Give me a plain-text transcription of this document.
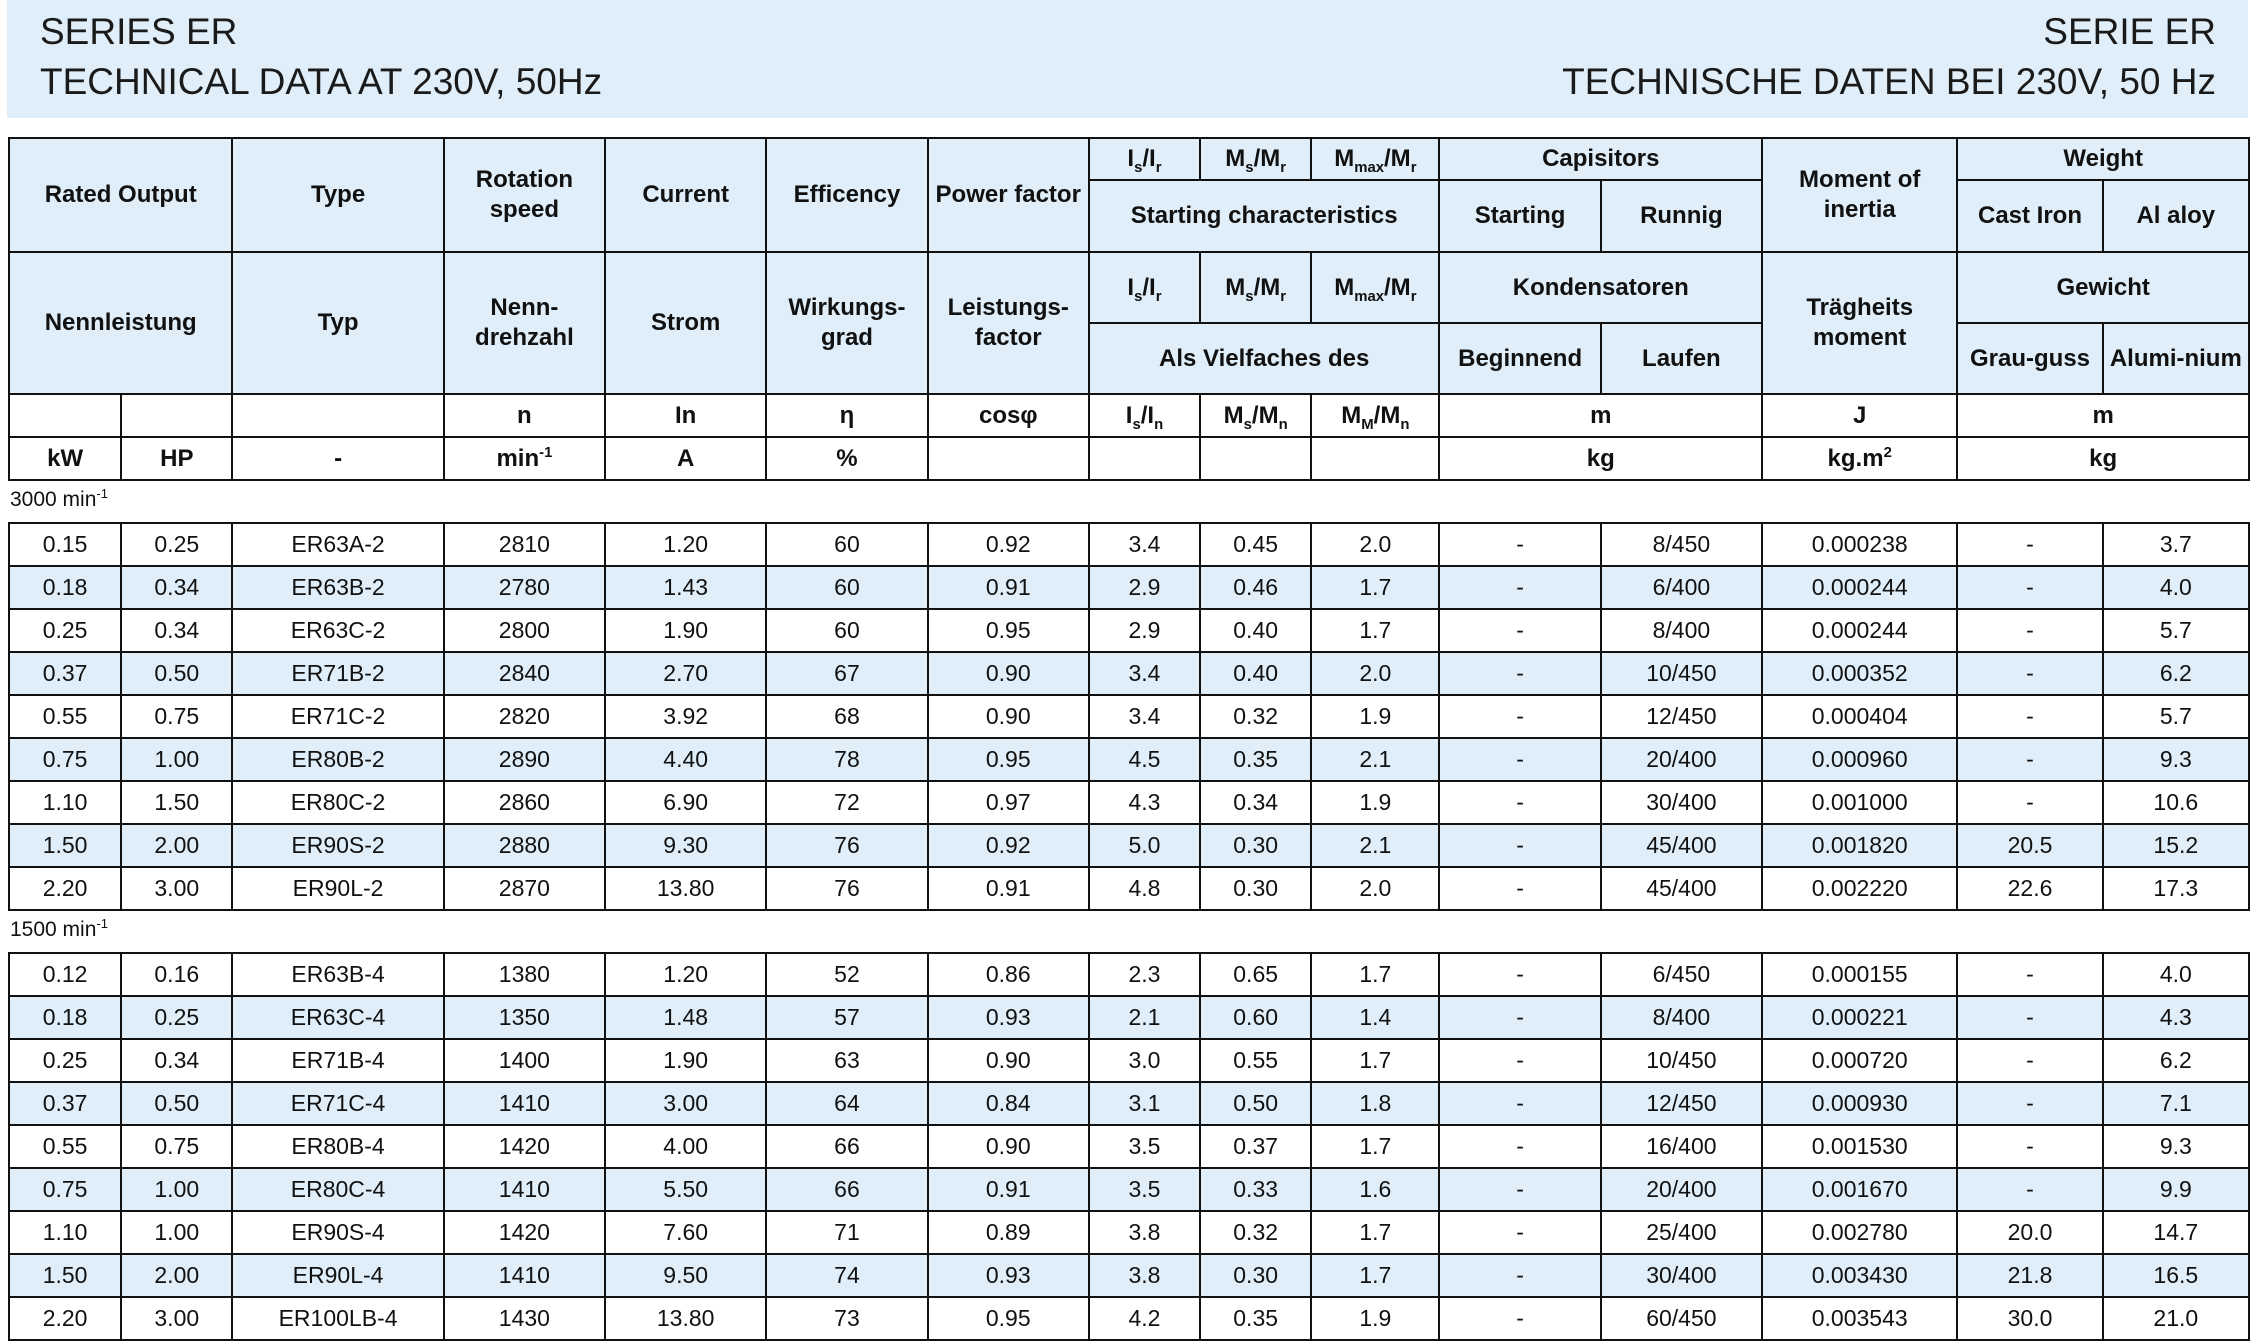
SERIES ER
TECHNICAL DATA AT 230V, 50Hz
SERIE ER
TECHNISCHE DATEN BEI 230V, 50 Hz
Rated Output		Type	Rotation speed	Current	Efficency	Power factor	$I_s/I_r$	$M_s/M_r$	$M_{max}/M_r$	Capisitors		Moment of inertia	Weight	
							Starting characteristics			Starting	Runnig		Cast Iron	Al aloy
Nennleistung		Typ	Nenn-drehzahl	Strom	Wirkungs-grad	Leistungs-factor	$I_s/I_r$	$M_s/M_r$	$M_{max}/M_r$	Kondensatoren		Trägheits moment	Gewicht	
							Als Vielfaches des			Beginnend	Laufen		Grau-guss	Alumi-nium
			n	In	η	cosφ	$I_s/I_n$	$M_s/M_n$	$M_M/M_n$	m		J	m	
kW	HP	-	$\min^{-1}$	A	%					kg		$kg.m^2$	kg	
3000 $\min^{-1}$
0.15	0.25	ER63A-2	2810	1.20	60	0.92	3.4	0.45	2.0	-	8/450	0.000238	-	3.7
0.18	0.34	ER63B-2	2780	1.43	60	0.91	2.9	0.46	1.7	-	6/400	0.000244	-	4.0
0.25	0.34	ER63C-2	2800	1.90	60	0.95	2.9	0.40	1.7	-	8/400	0.000244	-	5.7
0.37	0.50	ER71B-2	2840	2.70	67	0.90	3.4	0.40	2.0	-	10/450	0.000352	-	6.2
0.55	0.75	ER71C-2	2820	3.92	68	0.90	3.4	0.32	1.9	-	12/450	0.000404	-	5.7
0.75	1.00	ER80B-2	2890	4.40	78	0.95	4.5	0.35	2.1	-	20/400	0.000960	-	9.3
1.10	1.50	ER80C-2	2860	6.90	72	0.97	4.3	0.34	1.9	-	30/400	0.001000	-	10.6
1.50	2.00	ER90S-2	2880	9.30	76	0.92	5.0	0.30	2.1	-	45/400	0.001820	20.5	15.2
2.20	3.00	ER90L-2	2870	13.80	76	0.91	4.8	0.30	2.0	-	45/400	0.002220	22.6	17.3
1500 $\min^{-1}$
0.12	0.16	ER63B-4	1380	1.20	52	0.86	2.3	0.65	1.7	-	6/450	0.000155	-	4.0
0.18	0.25	ER63C-4	1350	1.48	57	0.93	2.1	0.60	1.4	-	8/400	0.000221	-	4.3
0.25	0.34	ER71B-4	1400	1.90	63	0.90	3.0	0.55	1.7	-	10/450	0.000720	-	6.2
0.37	0.50	ER71C-4	1410	3.00	64	0.84	3.1	0.50	1.8	-	12/450	0.000930	-	7.1
0.55	0.75	ER80B-4	1420	4.00	66	0.90	3.5	0.37	1.7	-	16/400	0.001530	-	9.3
0.75	1.00	ER80C-4	1410	5.50	66	0.91	3.5	0.33	1.6	-	20/400	0.001670	-	9.9
1.10	1.00	ER90S-4	1420	7.60	71	0.89	3.8	0.32	1.7	-	25/400	0.002780	20.0	14.7
1.50	2.00	ER90L-4	1410	9.50	74	0.93	3.8	0.30	1.7	-	30/400	0.003430	21.8	16.5
2.20	3.00	ER100LB-4	1430	13.80	73	0.95	4.2	0.35	1.9	-	60/450	0.003543	30.0	21.0
